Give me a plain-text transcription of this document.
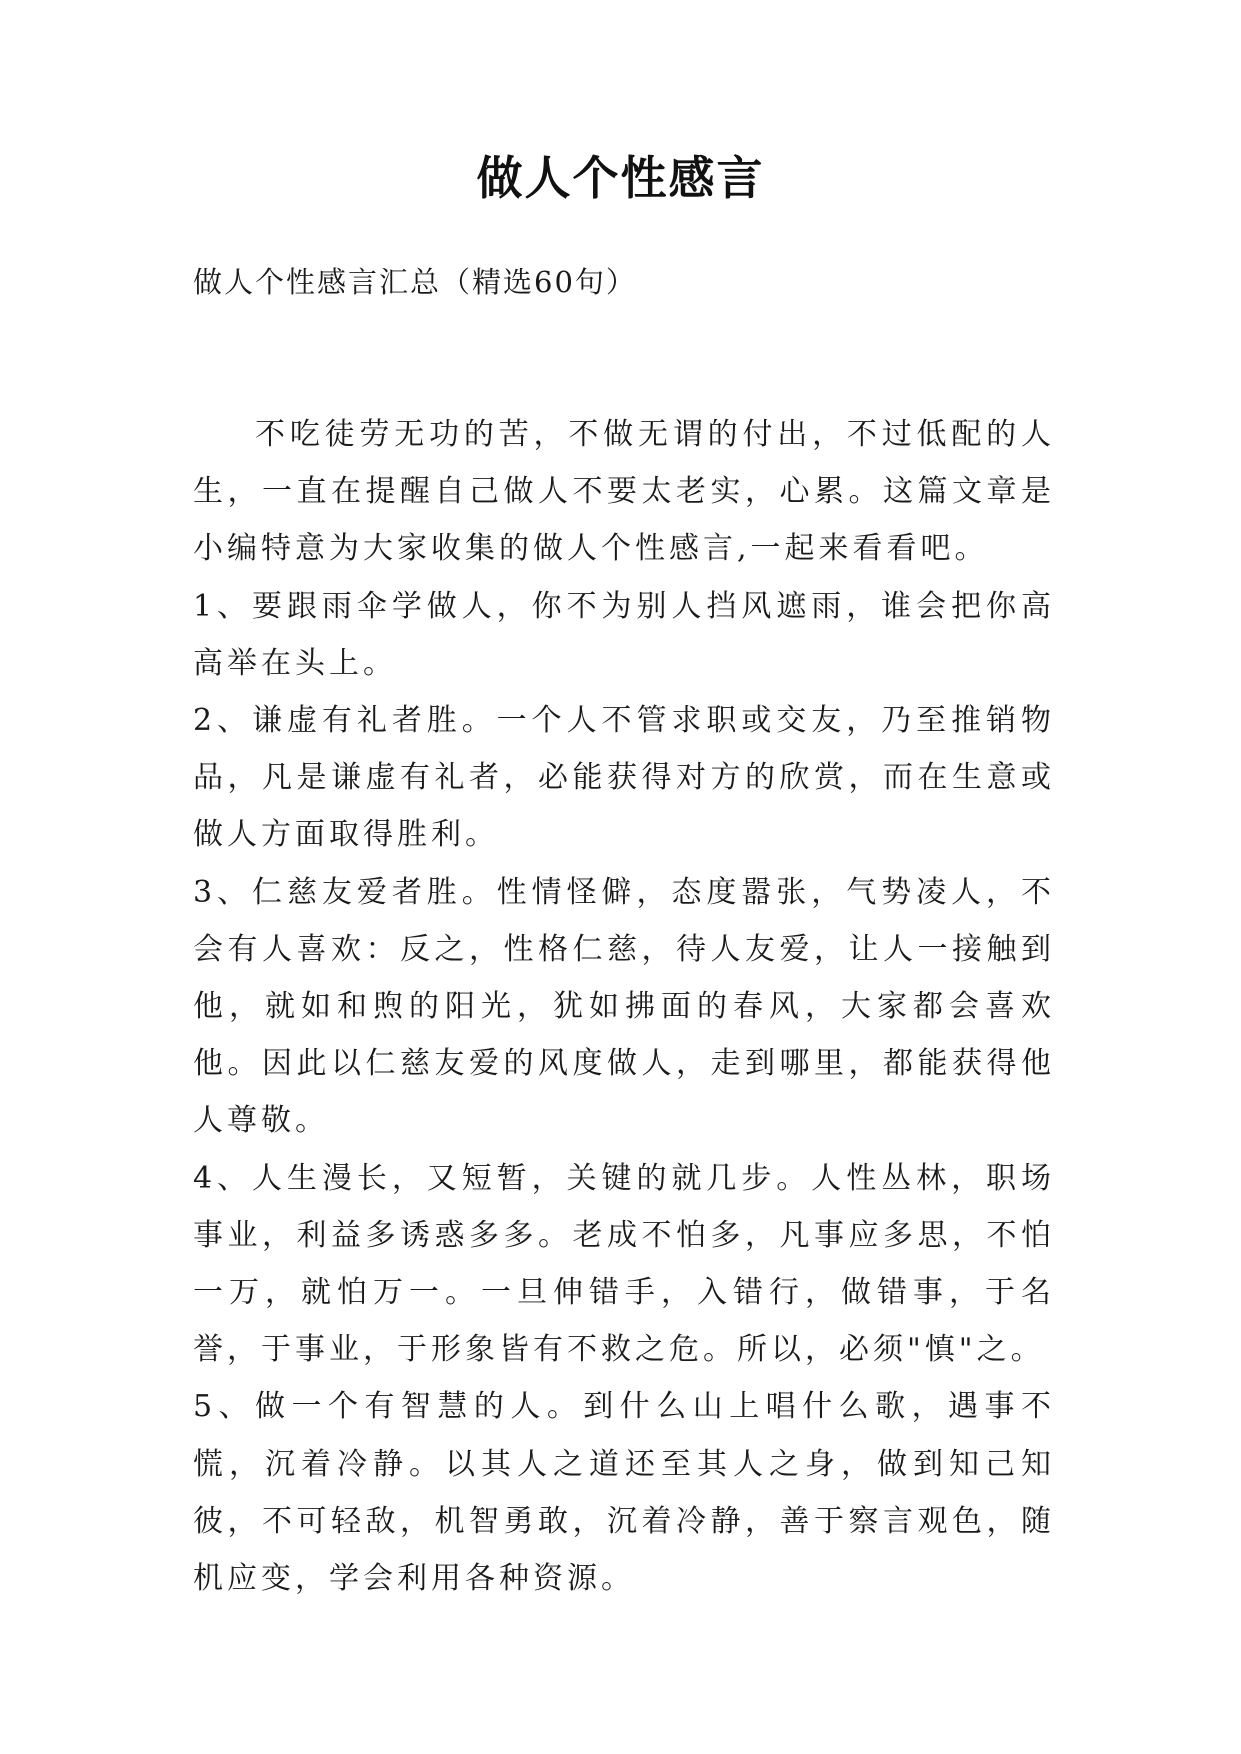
做人个性感言

做人个性感言汇总（精选60句）

不吃徒劳无功的苦，不做无谓的付出，不过低配的人生，一直在提醒自己做人不要太老实，心累。这篇文章是小编特意为大家收集的做人个性感言,一起来看看吧。

1、要跟雨伞学做人，你不为别人挡风遮雨，谁会把你高高举在头上。

2、谦虚有礼者胜。一个人不管求职或交友，乃至推销物品，凡是谦虚有礼者，必能获得对方的欣赏，而在生意或做人方面取得胜利。

3、仁慈友爱者胜。性情怪僻，态度嚣张，气势凌人，不会有人喜欢：反之，性格仁慈，待人友爱，让人一接触到他，就如和煦的阳光，犹如拂面的春风，大家都会喜欢他。因此以仁慈友爱的风度做人，走到哪里，都能获得他人尊敬。

4、人生漫长，又短暂，关键的就几步。人性丛林，职场事业，利益多诱惑多多。老成不怕多，凡事应多思，不怕一万，就怕万一。一旦伸错手，入错行，做错事，于名誉，于事业，于形象皆有不救之危。所以，必须"慎"之。

5、做一个有智慧的人。到什么山上唱什么歌，遇事不慌，沉着冷静。以其人之道还至其人之身，做到知己知彼，不可轻敌，机智勇敢，沉着冷静，善于察言观色，随机应变，学会利用各种资源。
